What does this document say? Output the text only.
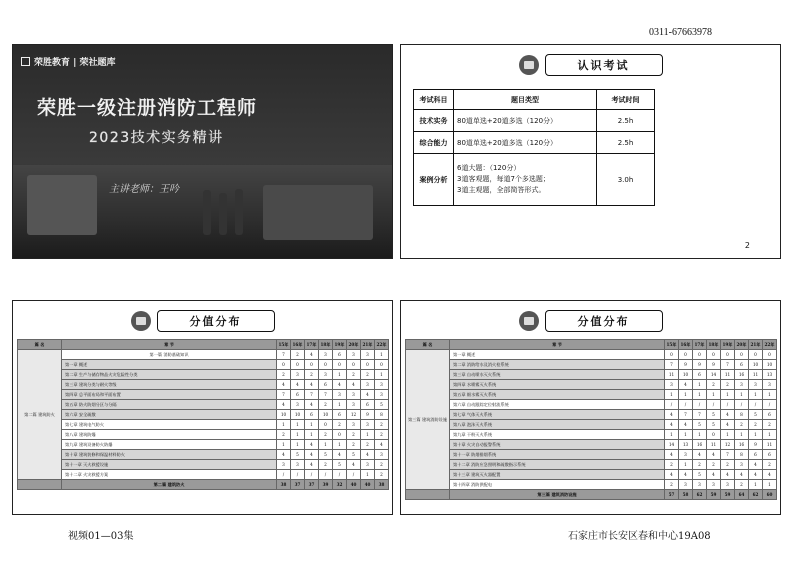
0311-67663978
荣胜教育 | 荣社题库
荣胜一级注册消防工程师
2023技术实务精讲
主讲老师：王吟
认识考试
考试科目	题目类型	考试时间
技术实务	80道单选+20道多选（120分）	2.5h
综合能力	80道单选+20道多选（120分）	2.5h
案例分析	6道大题：（120分）
3道客观题，每道7个多选题；
3道主观题，全部简答形式。	3.0h
2
分值分布
篇 名	章 节	15年	16年	17年	18年	19年	20年	21年	22年
第二篇 建筑防火	第一篇 消防基础知识	7	2	4	3	6	3	3	1
	第一章 概述	0	0	0	0	0	0	0	0
	第二章 生产与储存物品火灾危险性分类	2	3	2	3	1	2	2	1
	第三章 建筑分类与耐火等级	4	4	4	6	4	4	3	3
	第四章 总平面布局和平面布置	7	6	7	7	3	3	4	3
	第五章 防火防烟分区与分隔	4	3	4	2	1	3	6	5
	第六章 安全疏散	10	10	6	10	6	12	9	8
	第七章 建筑电气防火	1	1	1	0	2	3	3	2
	第八章 建筑防爆	2	1	1	2	0	2	1	2
	第九章 建筑设备防火防爆	1	1	4	1	1	2	2	4
	第十章 建筑装修和保温材料防火	4	5	4	5	4	5	4	3
	第十一章 灭火救援设施	3	3	4	2	5	4	3	2
	第十二章 火灾救援方案	/	/	/	/	/	/	1	2
	第二篇 建筑防火	38	37	37	39	32	40	40	38
分值分布
篇 名	章 节	15年	16年	17年	18年	19年	20年	21年	22年
第三篇 建筑消防设施	第一章 概述	0	0	0	0	0	0	0	0
	第二章 消防给水及消火栓系统	7	9	9	9	7	6	10	10
	第三章 自动喷水灭火系统	11	10	6	14	11	16	11	13
	第四章 水喷雾灭火系统	3	4	1	2	2	3	3	3
	第五章 细水雾灭火系统	1	1	1	1	1	1	1	1
	第六章 自动跟踪定位射流系统	/	/	/	/	/	/	/	/
	第七章 气体灭火系统	4	7	7	5	4	8	5	6
	第八章 泡沫灭火系统	4	4	5	5	4	2	2	2
	第九章 干粉灭火系统	1	1	1	0	1	1	1	1
	第十章 火灾自动报警系统	14	13	16	11	12	16	9	11
	第十一章 防烟排烟系统	4	3	4	4	7	8	6	6
	第十二章 消防应急照明和疏散指示系统	2	1	2	2	2	3	4	2
	第十三章 建筑灭火器配置	4	4	5	4	4	4	4	4
	第十四章 消防供配电	2	3	3	3	3	2	1	1
	第三篇 建筑消防设施	57	58	62	59	59	64	62	60
视频01—03集	石家庄市长安区春和中心19A08
